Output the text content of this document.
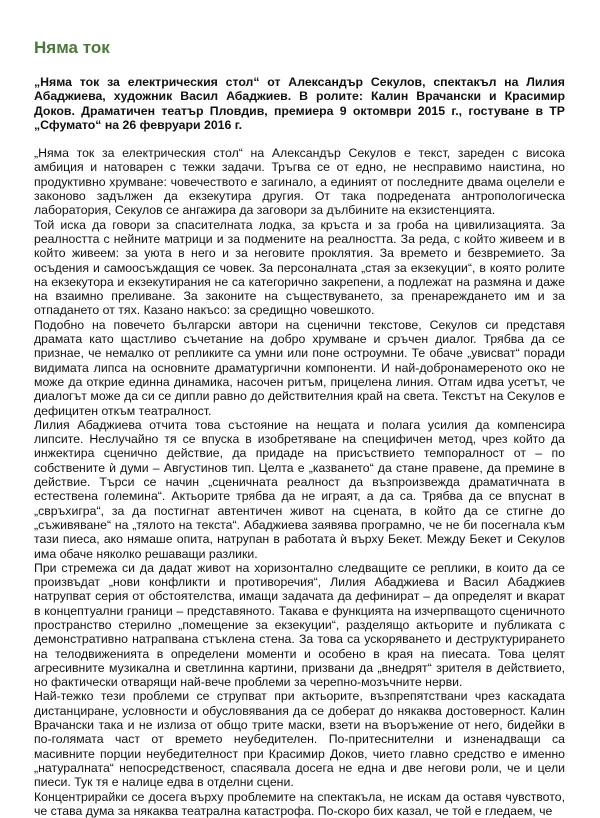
Няма ток

„Няма ток за електрическия стол“ от Александър Секулов, спектакъл на Лилия Абаджиева, художник Васил Абаджиев. В ролите: Калин Врачански и Красимир Доков. Драматичен театър Пловдив, премиера 9 октомври 2015 г., гостуване в ТР „Сфумато“ на 26 февруари 2016 г.

„Няма ток за електрическия стол“ на Александър Секулов е текст, зареден с висока амбиция и натоварен с тежки задачи. Тръгва се от едно, не несправимо наистина, но продуктивно хрумване: човечеството е загинало, а единият от последните двама оцелели е законово задължен да екзекутира другия. От така подредената антропологическа лаборатория, Секулов се ангажира да заговори за дълбините на екзистенцията.

Той иска да говори за спасителната лодка, за кръста и за гроба на цивилизацията. За реалността с нейните матрици и за подмените на реалността. За реда, с който живеем и в който живеем: за уюта в него и за неговите проклятия. За времето и безвремието. За осъдения и самоосъждащия се човек. За персоналната „стая за екзекуции“, в която ролите на екзекутора и екзекутирания не са категорично закрепени, а подлежат на размяна и даже на взаимно преливане. За законите на съществуването, за пренареждането им и за отпадането от тях. Казано накъсо: за средищно човешкото.

Подобно на повечето български автори на сценични текстове, Секулов си представя драмата като щастливо съчетание на добро хрумване и сръчен диалог. Трябва да се признае, че немалко от репликите са умни или поне остроумни. Те обаче „увисват“ поради видимата липса на основните драматургични компоненти. И най-добронамереното око не може да открие единна динамика, насочен ритъм, прицелена линия. Отгам идва усетът, че диалогът може да си се дипли равно до действителния край на света. Текстът на Секулов е дефицитен откъм театралност.

Лилия Абаджиева отчита това състояние на нещата и полага усилия да компенсира липсите. Неслучайно тя се впуска в изобретяване на специфичен метод, чрез който да инжектира сценично действие, да придаде на присъствието темпоралност от – по собствените ѝ думи – Августинов тип. Целта е „казването“ да стане правене, да премине в действие. Търси се начин „сценичната реалност да възпроизвежда драматичната в естествена големина“. Актьорите трябва да не играят, а да са. Трябва да се впуснат в „свръхигра“, за да постигнат автентичен живот на сцената, в който да се стигне до „съживяване“ на „тялото на текста“. Абаджиева заявява програмно, че не би посегнала към тази пиеса, ако нямаше опита, натрупан в работата ѝ върху Бекет. Между Бекет и Секулов има обаче няколко решаващи разлики.

При стремежа си да дадат живот на хоризонтално следващите се реплики, в които да се произвъдат „нови конфликти и противоречия“, Лилия Абаджиева и Васил Абаджиев натрупват серия от обстоятелства, имащи задачата да дефинират – да определят и вкарат в концептуални граници – представяното. Такава е функцията на изчерпващото сценичното пространство стерилно „помещение за екзекуции“, разделящо актьорите и публиката с демонстративно натрапвана стъклена стена. За това са ускоряването и деструктурирането на телодвиженията в определени моменти и особено в края на пиесата. Това целят агресивните музикална и светлинна картини, призвани да „внедрят“ зрителя в действието, но фактически отварящи най-вече проблеми за черепно-мозъчните нерви.

Най-тежко тези проблеми се струпват при актьорите, възпрепятствани чрез каскадата дистанциране, условности и обусловявания да се доберат до някаква достоверност. Калин Врачански така и не излиза от общо трите маски, взети на въоръжение от него, бидейки в по-голямата част от времето неубедителен. По-притеснителни и изненадващи са масивните порции неубедителност при Красимир Доков, чието главно средство е именно „натуралната“ непосредственост, спасявала досега не една и две негови роли, че и цели пиеси. Тук тя е налице едва в отделни сцени.

Концентрирайки се досега върху проблемите на спектакъла, не искам да оставя чувството, че става дума за някаква театрална катастрофа. По-скоро бих казал, че той е гледаем, че
